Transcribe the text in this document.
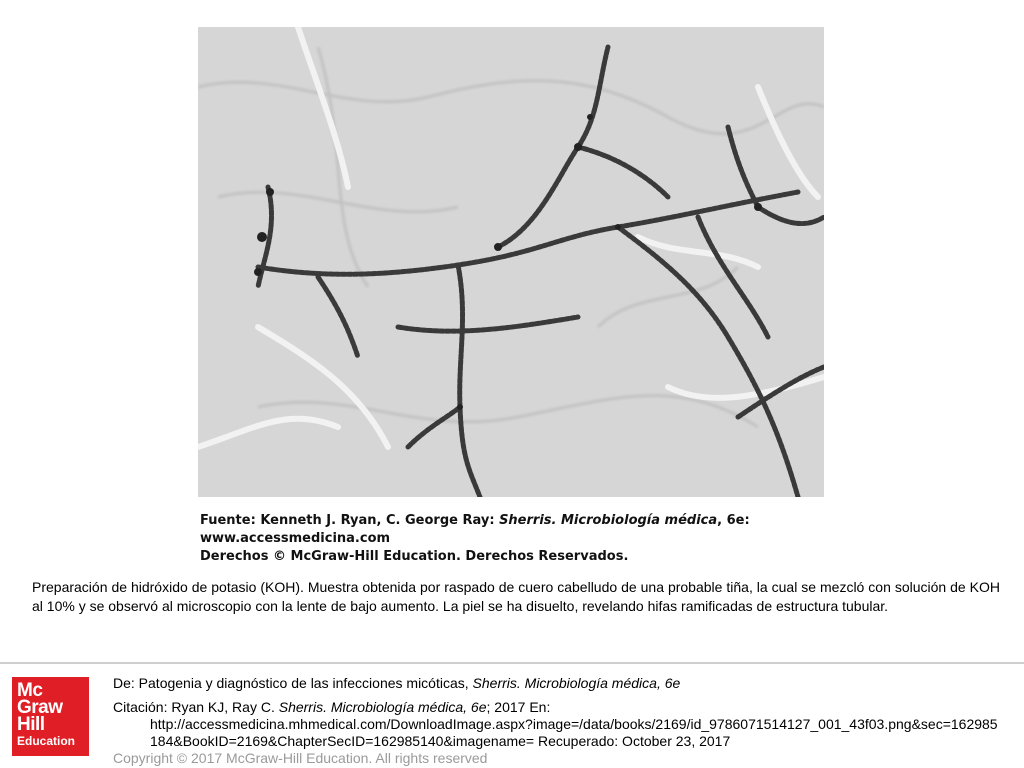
Fuente: Kenneth J. Ryan, C. George Ray: Sherris. Microbiología médica, 6e:
www.accessmedicina.com
Derechos © McGraw-Hill Education. Derechos Reservados.
Preparación de hidróxido de potasio (KOH). Muestra obtenida por raspado de cuero cabelludo de una probable tiña, la cual se mezcló con solución de KOH al 10% y se observó al microscopio con la lente de bajo aumento. La piel se ha disuelto, revelando hifas ramificadas de estructura tubular.
Mc
Graw
Hill
Education

De: Patogenia y diagnóstico de las infecciones micóticas, Sherris. Microbiología médica, 6e

Citación: Ryan KJ, Ray C. Sherris. Microbiología médica, 6e; 2017 En:

http://accessmedicina.mhmedical.com/DownloadImage.aspx?image=/data/books/2169/id_9786071514127_001_43f03.png&sec=162985

184&BookID=2169&ChapterSecID=162985140&imagename= Recuperado: October 23, 2017

Copyright © 2017 McGraw-Hill Education. All rights reserved
